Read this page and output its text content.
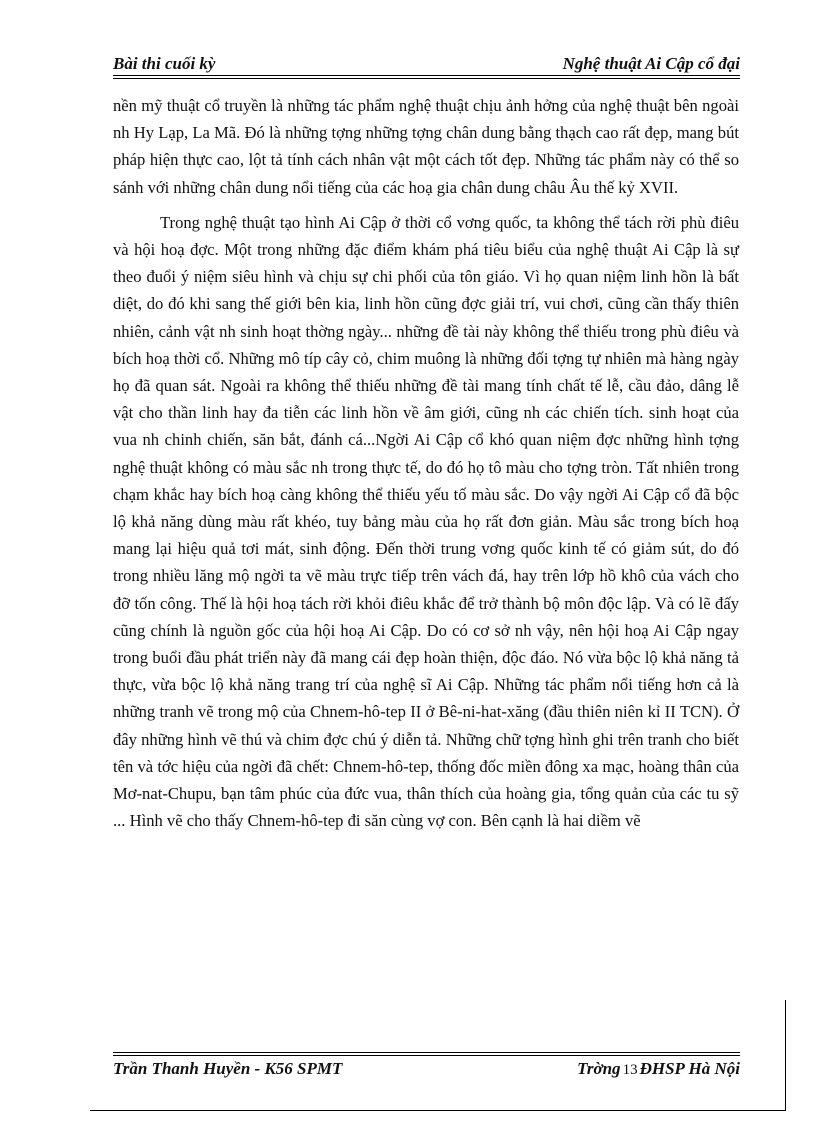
Bài thi cuối kỳ	Nghệ thuật Ai Cập cổ đại

nền mỹ thuật cổ truyền là những tác phẩm nghệ thuật chịu ảnh hởng của nghệ thuật bên ngoài nh Hy Lạp, La Mã. Đó là những tợng những tợng chân dung bằng thạch cao rất đẹp, mang bút pháp hiện thực cao, lột tả tính cách nhân vật một cách tốt đẹp. Những tác phẩm này có thể so sánh với những chân dung nổi tiếng của các hoạ gia chân dung châu Âu thế kỷ XVII.

Trong nghệ thuật tạo hình Ai Cập ở thời cổ vơng quốc, ta không thể tách rời phù điêu và hội hoạ đợc. Một trong những đặc điểm khám phá tiêu biểu của nghệ thuật Ai Cập là sự theo đuổi ý niệm siêu hình và chịu sự chi phối của tôn giáo. Vì họ quan niệm linh hồn là bất diệt, do đó khi sang thế giới bên kia, linh hồn cũng đợc giải trí, vui chơi, cũng cần thấy thiên nhiên, cảnh vật nh sinh hoạt thờng ngày... những đề tài này không thể thiếu trong phù điêu và bích hoạ thời cổ. Những mô típ cây cỏ, chim muông là những đối tợng tự nhiên mà hàng ngày họ đã quan sát. Ngoài ra không thể thiếu những đề tài mang tính chất tế lễ, cầu đảo, dâng lễ vật cho thần linh hay đa tiễn các linh hồn về âm giới, cũng nh các chiến tích. sinh hoạt của vua nh chinh chiến, săn bắt, đánh cá...Ngời Ai Cập cổ khó quan niệm đợc những hình tợng nghệ thuật không có màu sắc nh trong thực tế, do đó họ tô màu cho tợng tròn. Tất nhiên trong chạm khắc hay bích hoạ càng không thể thiếu yếu tố màu sắc. Do vậy ngời Ai Cập cổ đã bộc lộ khả năng dùng màu rất khéo, tuy bảng màu của họ rất đơn giản. Màu sắc trong bích hoạ mang lại hiệu quả tơi mát, sinh động. Đến thời trung vơng quốc kinh tế có giảm sút, do đó trong nhiều lăng mộ ngời ta vẽ màu trực tiếp trên vách đá, hay trên lớp hồ khô của vách cho đỡ tốn công. Thế là hội hoạ tách rời khỏi điêu khắc để trở thành bộ môn độc lập. Và có lẽ đấy cũng chính là nguồn gốc của hội hoạ Ai Cập. Do có cơ sở nh vậy, nên hội hoạ Ai Cập ngay trong buổi đầu phát triển này đã mang cái đẹp hoàn thiện, độc đáo. Nó vừa bộc lộ khả năng tả thực, vừa bộc lộ khả năng trang trí của nghệ sĩ Ai Cập. Những tác phẩm nổi tiếng hơn cả là những tranh vẽ trong mộ của Chnem-hô-tep II ở Bê-ni-hat-xăng (đầu thiên niên kỉ II TCN). Ở đây những hình vẽ thú và chim đợc chú ý diễn tả. Những chữ tợng hình ghi trên tranh cho biết tên và tớc hiệu của ngời đã chết: Chnem-hô-tep, thống đốc miền đông xa mạc, hoàng thân của Mơ-nat-Chupu, bạn tâm phúc của đức vua, thân thích của hoàng gia, tổng quản của các tu sỹ ... Hình vẽ cho thấy Chnem-hô-tep đi săn cùng vợ con. Bên cạnh là hai diềm vẽ

Trần Thanh Huyền - K56 SPMT	Trờng 13 ĐHSP Hà Nội
